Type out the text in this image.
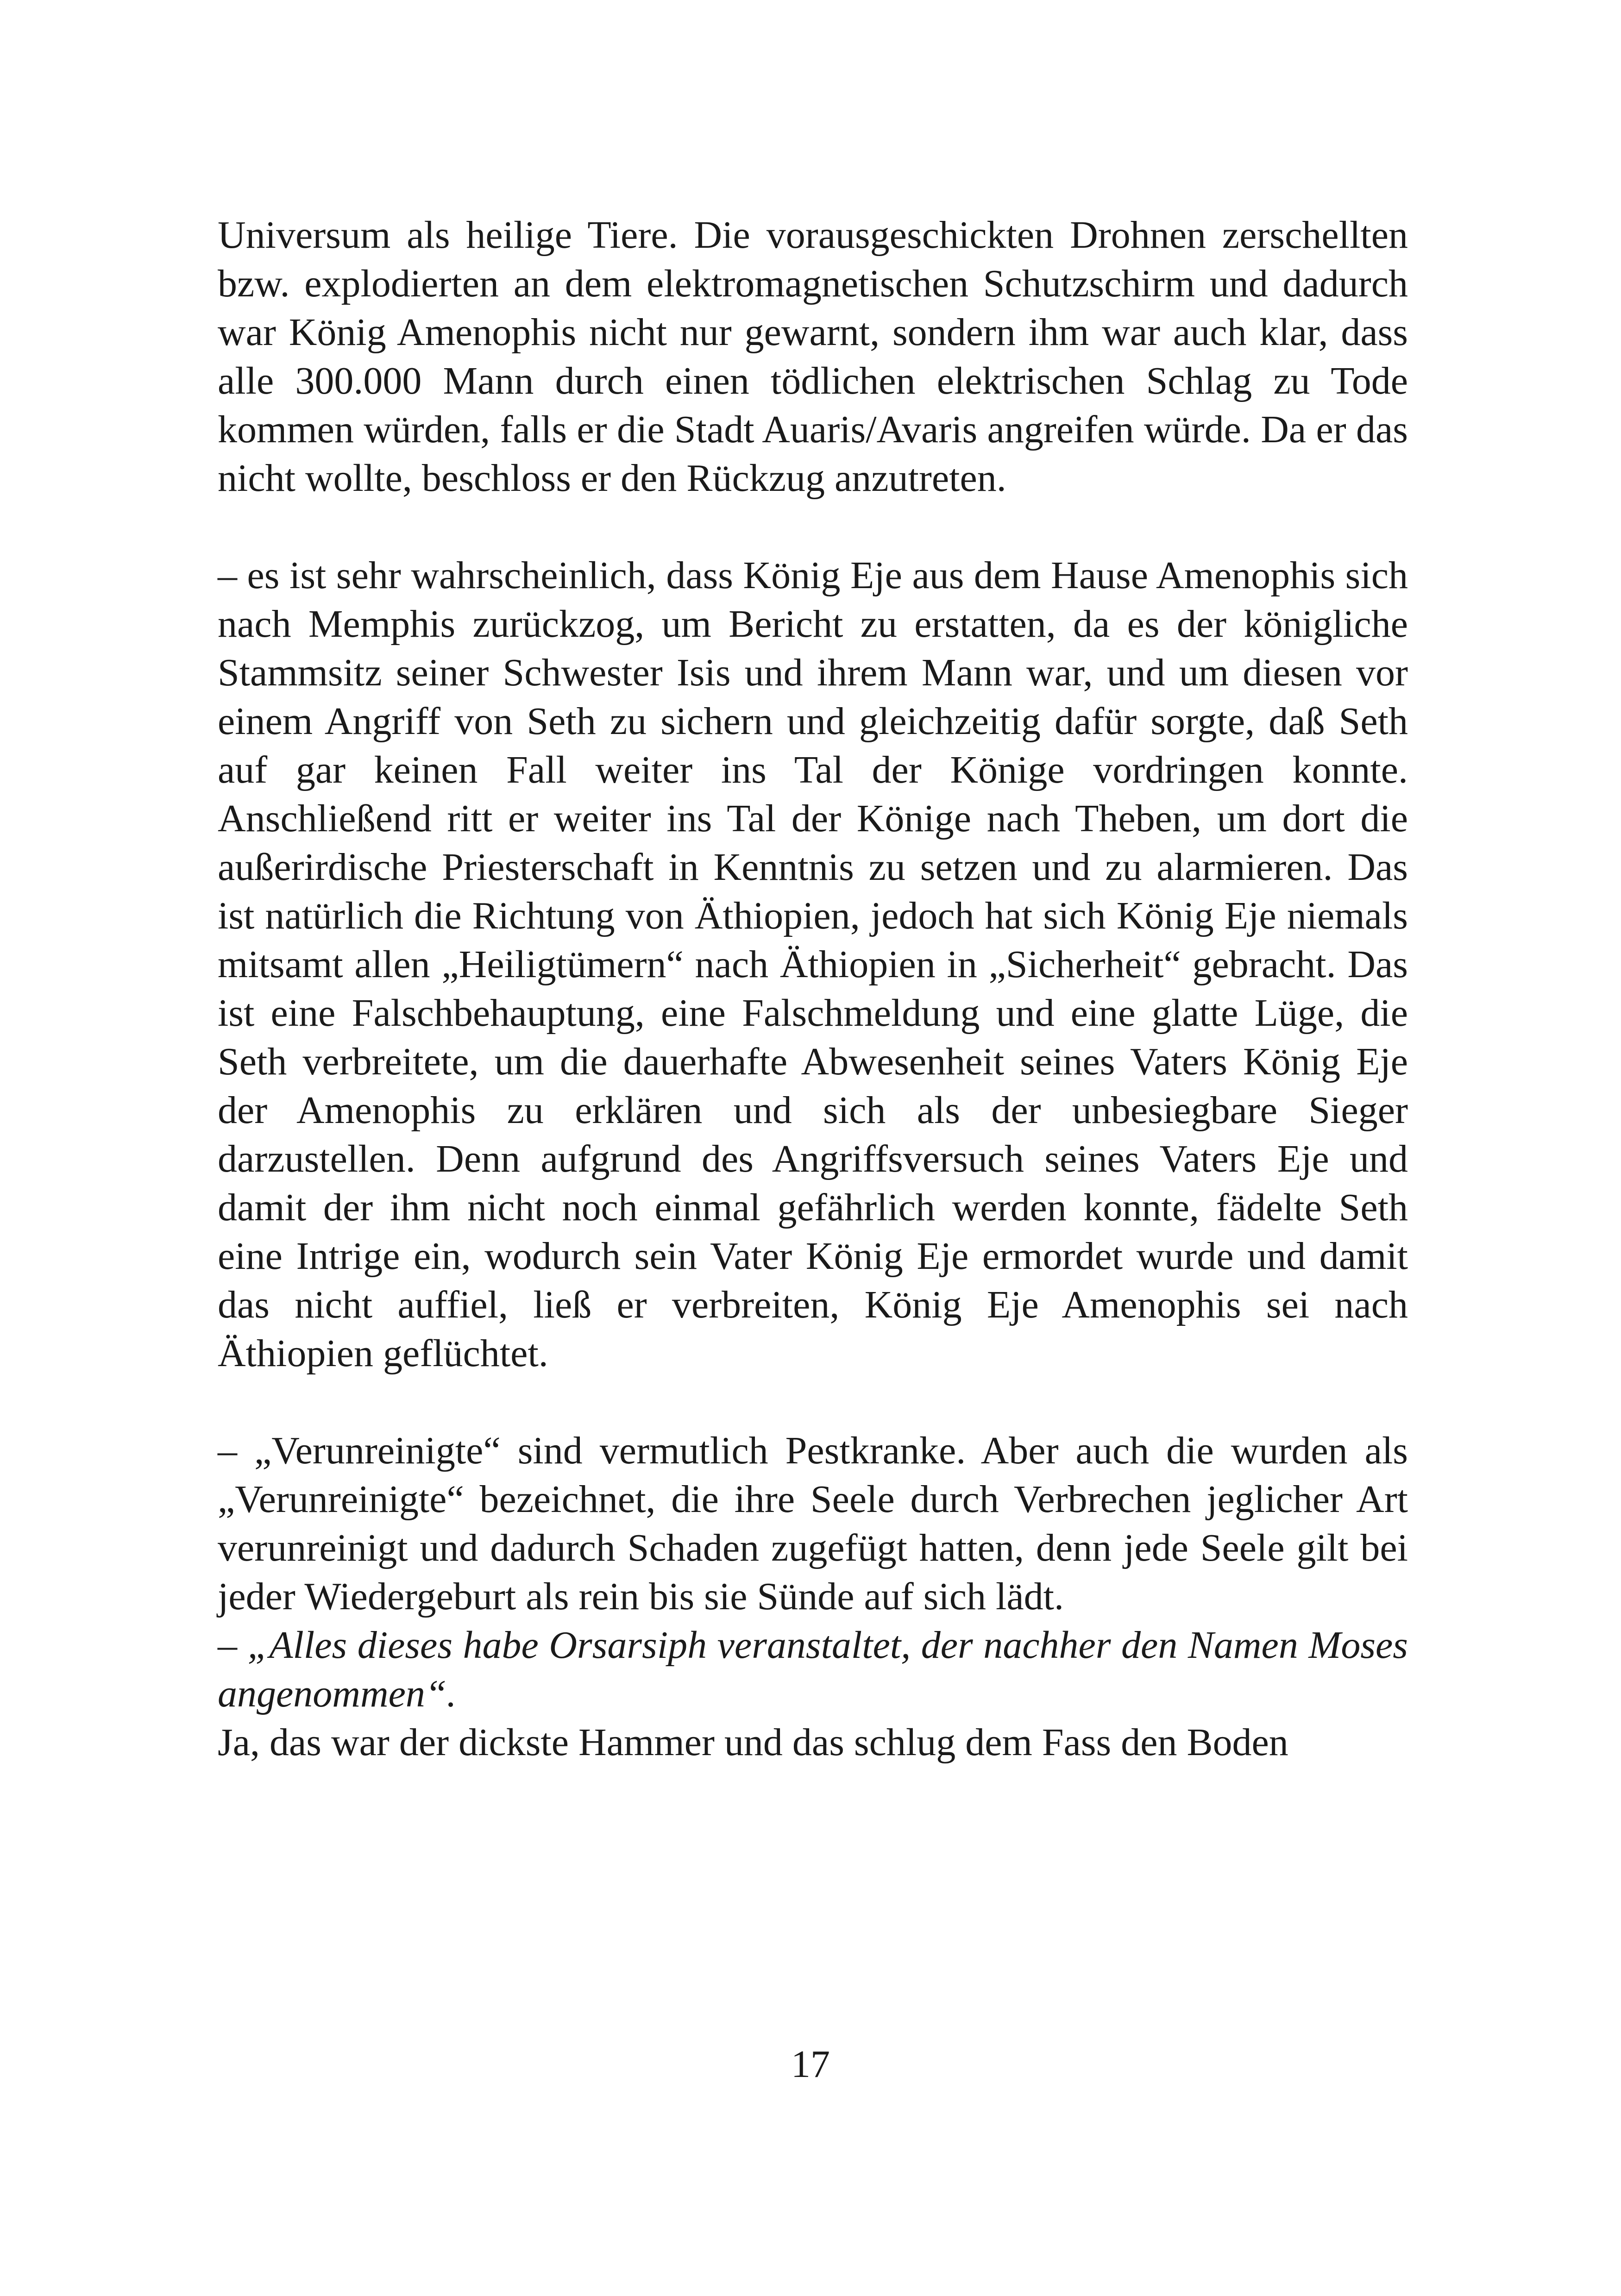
Universum als heilige Tiere. Die vorausgeschickten Drohnen zerschellten bzw. explodierten an dem elektromagnetischen Schutzschirm und dadurch war König Amenophis nicht nur gewarnt, sondern ihm war auch klar, dass alle 300.000 Mann durch einen tödlichen elektrischen Schlag zu Tode kommen würden, falls er die Stadt Auaris/Avaris angreifen würde. Da er das nicht wollte, beschloss er den Rückzug anzutreten.

– es ist sehr wahrscheinlich, dass König Eje aus dem Hause Amenophis sich nach Memphis zurückzog, um Bericht zu erstatten, da es der königliche Stammsitz seiner Schwester Isis und ihrem Mann war, und um diesen vor einem Angriff von Seth zu sichern und gleichzeitig dafür sorgte, daß Seth auf gar keinen Fall weiter ins Tal der Könige vordringen konnte. Anschließend ritt er weiter ins Tal der Könige nach Theben, um dort die außerirdische Priesterschaft in Kenntnis zu setzen und zu alarmieren. Das ist natürlich die Richtung von Äthiopien, jedoch hat sich König Eje niemals mitsamt allen „Heiligtümern“ nach Äthiopien in „Sicherheit“ gebracht. Das ist eine Falschbehauptung, eine Falschmeldung und eine glatte Lüge, die Seth verbreitete, um die dauerhafte Abwesenheit seines Vaters König Eje der Amenophis zu erklären und sich als der unbesiegbare Sieger darzustellen. Denn aufgrund des Angriffsversuch seines Vaters Eje und damit der ihm nicht noch einmal gefährlich werden konnte, fädelte Seth eine Intrige ein, wodurch sein Vater König Eje ermordet wurde und damit das nicht auffiel, ließ er verbreiten, König Eje Amenophis sei nach Äthiopien geflüchtet.

– „Verunreinigte“ sind vermutlich Pestkranke. Aber auch die wurden als „Verunreinigte“ bezeichnet, die ihre Seele durch Verbrechen jeglicher Art verunreinigt und dadurch Schaden zugefügt hatten, denn jede Seele gilt bei jeder Wiedergeburt als rein bis sie Sünde auf sich lädt.

– „Alles dieses habe Orsarsiph veranstaltet, der nachher den Namen Moses angenommen“.

Ja, das war der dickste Hammer und das schlug dem Fass den Boden

17
